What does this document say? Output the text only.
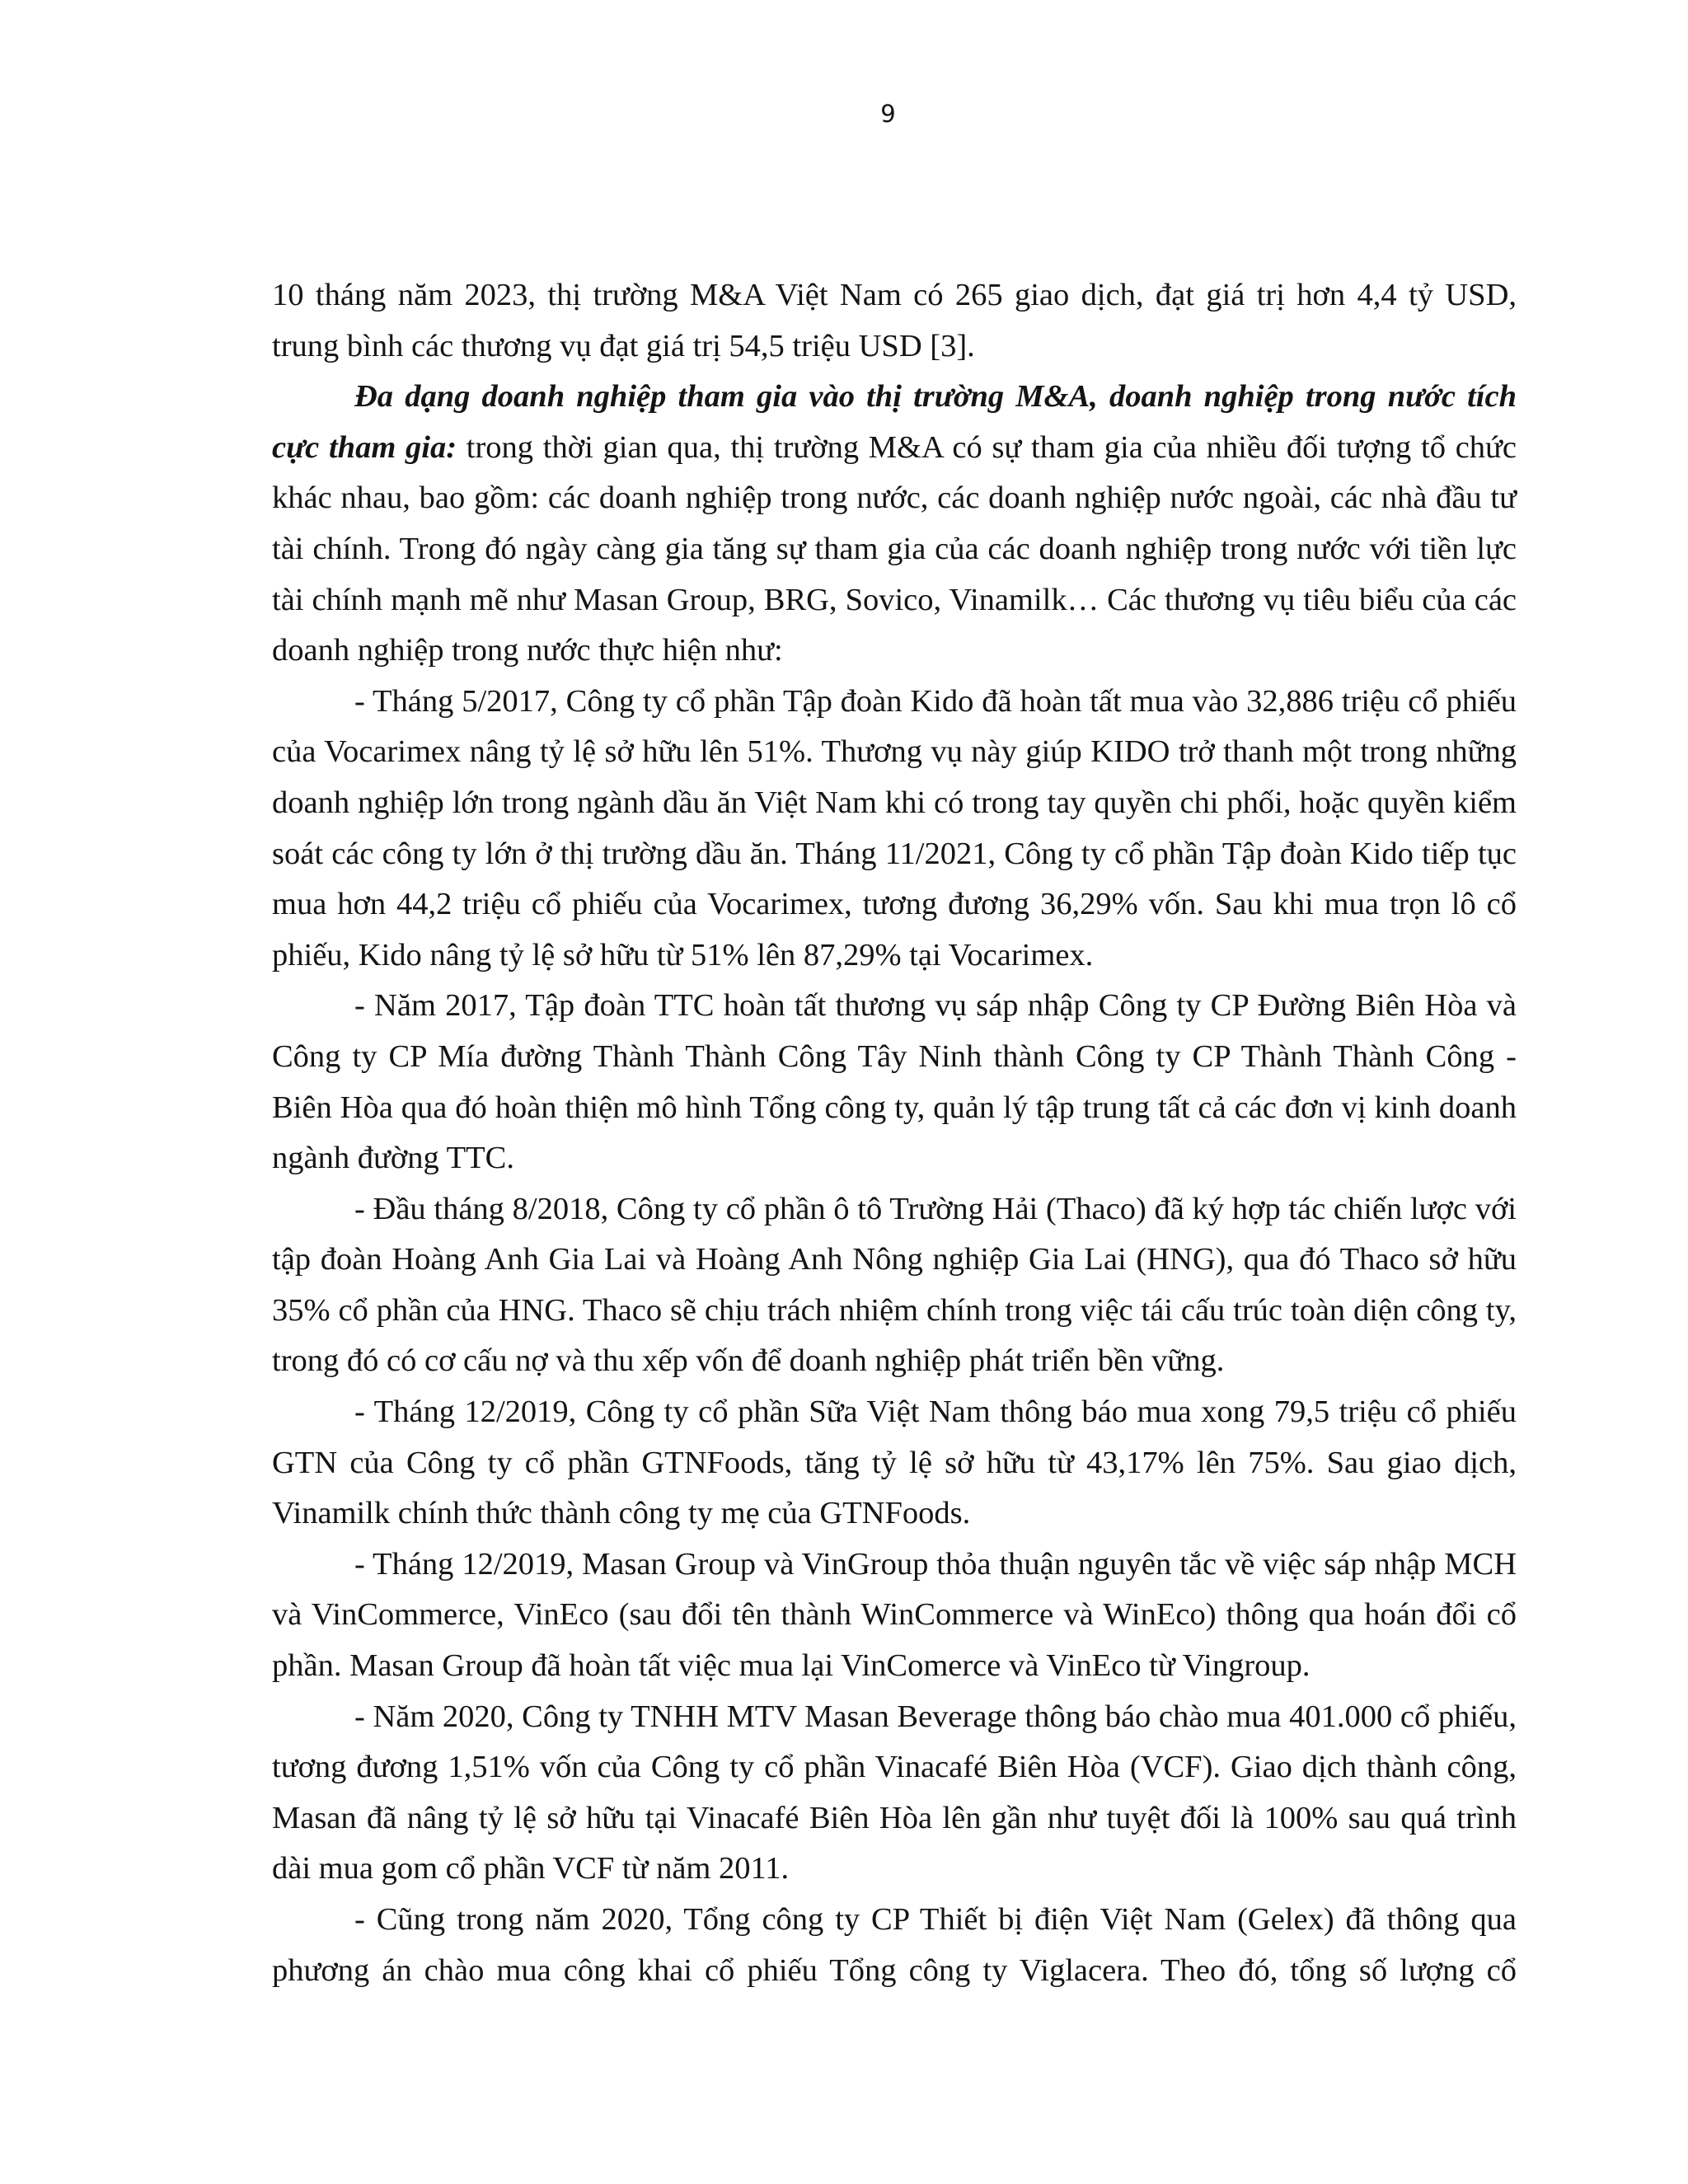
9

10 tháng năm 2023, thị trường M&A Việt Nam có 265 giao dịch, đạt giá trị hơn 4,4 tỷ USD, trung bình các thương vụ đạt giá trị 54,5 triệu USD [3].

Đa dạng doanh nghiệp tham gia vào thị trường M&A, doanh nghiệp trong nước tích cực tham gia: trong thời gian qua, thị trường M&A có sự tham gia của nhiều đối tượng tổ chức khác nhau, bao gồm: các doanh nghiệp trong nước, các doanh nghiệp nước ngoài, các nhà đầu tư tài chính. Trong đó ngày càng gia tăng sự tham gia của các doanh nghiệp trong nước với tiền lực tài chính mạnh mẽ như Masan Group, BRG, Sovico, Vinamilk… Các thương vụ tiêu biểu của các doanh nghiệp trong nước thực hiện như:

- Tháng 5/2017, Công ty cổ phần Tập đoàn Kido đã hoàn tất mua vào 32,886 triệu cổ phiếu của Vocarimex nâng tỷ lệ sở hữu lên 51%. Thương vụ này giúp KIDO trở thanh một trong những doanh nghiệp lớn trong ngành dầu ăn Việt Nam khi có trong tay quyền chi phối, hoặc quyền kiểm soát các công ty lớn ở thị trường dầu ăn. Tháng 11/2021, Công ty cổ phần Tập đoàn Kido tiếp tục mua hơn 44,2 triệu cổ phiếu của Vocarimex, tương đương 36,29% vốn. Sau khi mua trọn lô cổ phiếu, Kido nâng tỷ lệ sở hữu từ 51% lên 87,29% tại Vocarimex.

- Năm 2017, Tập đoàn TTC hoàn tất thương vụ sáp nhập Công ty CP Đường Biên Hòa và Công ty CP Mía đường Thành Thành Công Tây Ninh thành Công ty CP Thành Thành Công - Biên Hòa qua đó hoàn thiện mô hình Tổng công ty, quản lý tập trung tất cả các đơn vị kinh doanh ngành đường TTC.

- Đầu tháng 8/2018, Công ty cổ phần ô tô Trường Hải (Thaco) đã ký hợp tác chiến lược với tập đoàn Hoàng Anh Gia Lai và Hoàng Anh Nông nghiệp Gia Lai (HNG), qua đó Thaco sở hữu 35% cổ phần của HNG. Thaco sẽ chịu trách nhiệm chính trong việc tái cấu trúc toàn diện công ty, trong đó có cơ cấu nợ và thu xếp vốn để doanh nghiệp phát triển bền vững.

- Tháng 12/2019, Công ty cổ phần Sữa Việt Nam thông báo mua xong 79,5 triệu cổ phiếu GTN của Công ty cổ phần GTNFoods, tăng tỷ lệ sở hữu từ 43,17% lên 75%. Sau giao dịch, Vinamilk chính thức thành công ty mẹ của GTNFoods.

- Tháng 12/2019, Masan Group và VinGroup thỏa thuận nguyên tắc về việc sáp nhập MCH và VinCommerce, VinEco (sau đổi tên thành WinCommerce và WinEco) thông qua hoán đổi cổ phần. Masan Group đã hoàn tất việc mua lại VinComerce và VinEco từ Vingroup.

- Năm 2020, Công ty TNHH MTV Masan Beverage thông báo chào mua 401.000 cổ phiếu, tương đương 1,51% vốn của Công ty cổ phần Vinacafé Biên Hòa (VCF). Giao dịch thành công, Masan đã nâng tỷ lệ sở hữu tại Vinacafé Biên Hòa lên gần như tuyệt đối là 100% sau quá trình dài mua gom cổ phần VCF từ năm 2011.

- Cũng trong năm 2020, Tổng công ty CP Thiết bị điện Việt Nam (Gelex) đã thông qua phương án chào mua công khai cổ phiếu Tổng công ty Viglacera. Theo đó, tổng số lượng cổ
